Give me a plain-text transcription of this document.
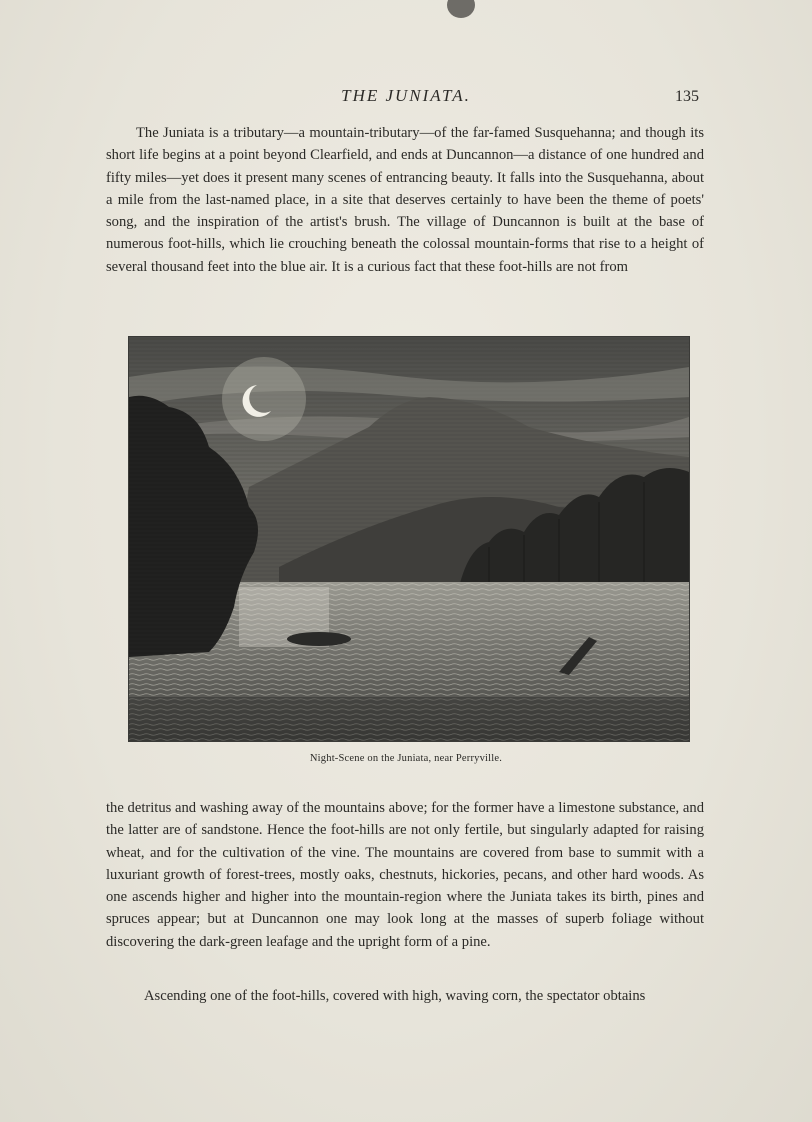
THE JUNIATA.	135

The Juniata is a tributary—a mountain-tributary—of the far-famed Susquehanna; and though its short life begins at a point beyond Clearfield, and ends at Duncannon—a distance of one hundred and fifty miles—yet does it present many scenes of entrancing beauty. It falls into the Susquehanna, about a mile from the last-named place, in a site that deserves certainly to have been the theme of poets' song, and the inspiration of the artist's brush. The village of Duncannon is built at the base of numerous foot-hills, which lie crouching beneath the colossal mountain-forms that rise to a height of several thousand feet into the blue air. It is a curious fact that these foot-hills are not from

Night-Scene on the Juniata, near Perryville.

the detritus and washing away of the mountains above; for the former have a limestone substance, and the latter are of sandstone. Hence the foot-hills are not only fertile, but singularly adapted for raising wheat, and for the cultivation of the vine. The mountains are covered from base to summit with a luxuriant growth of forest-trees, mostly oaks, chestnuts, hickories, pecans, and other hard woods. As one ascends higher and higher into the mountain-region where the Juniata takes its birth, pines and spruces appear; but at Duncannon one may look long at the masses of superb foliage without discovering the dark-green leafage and the upright form of a pine.

Ascending one of the foot-hills, covered with high, waving corn, the spectator obtains
